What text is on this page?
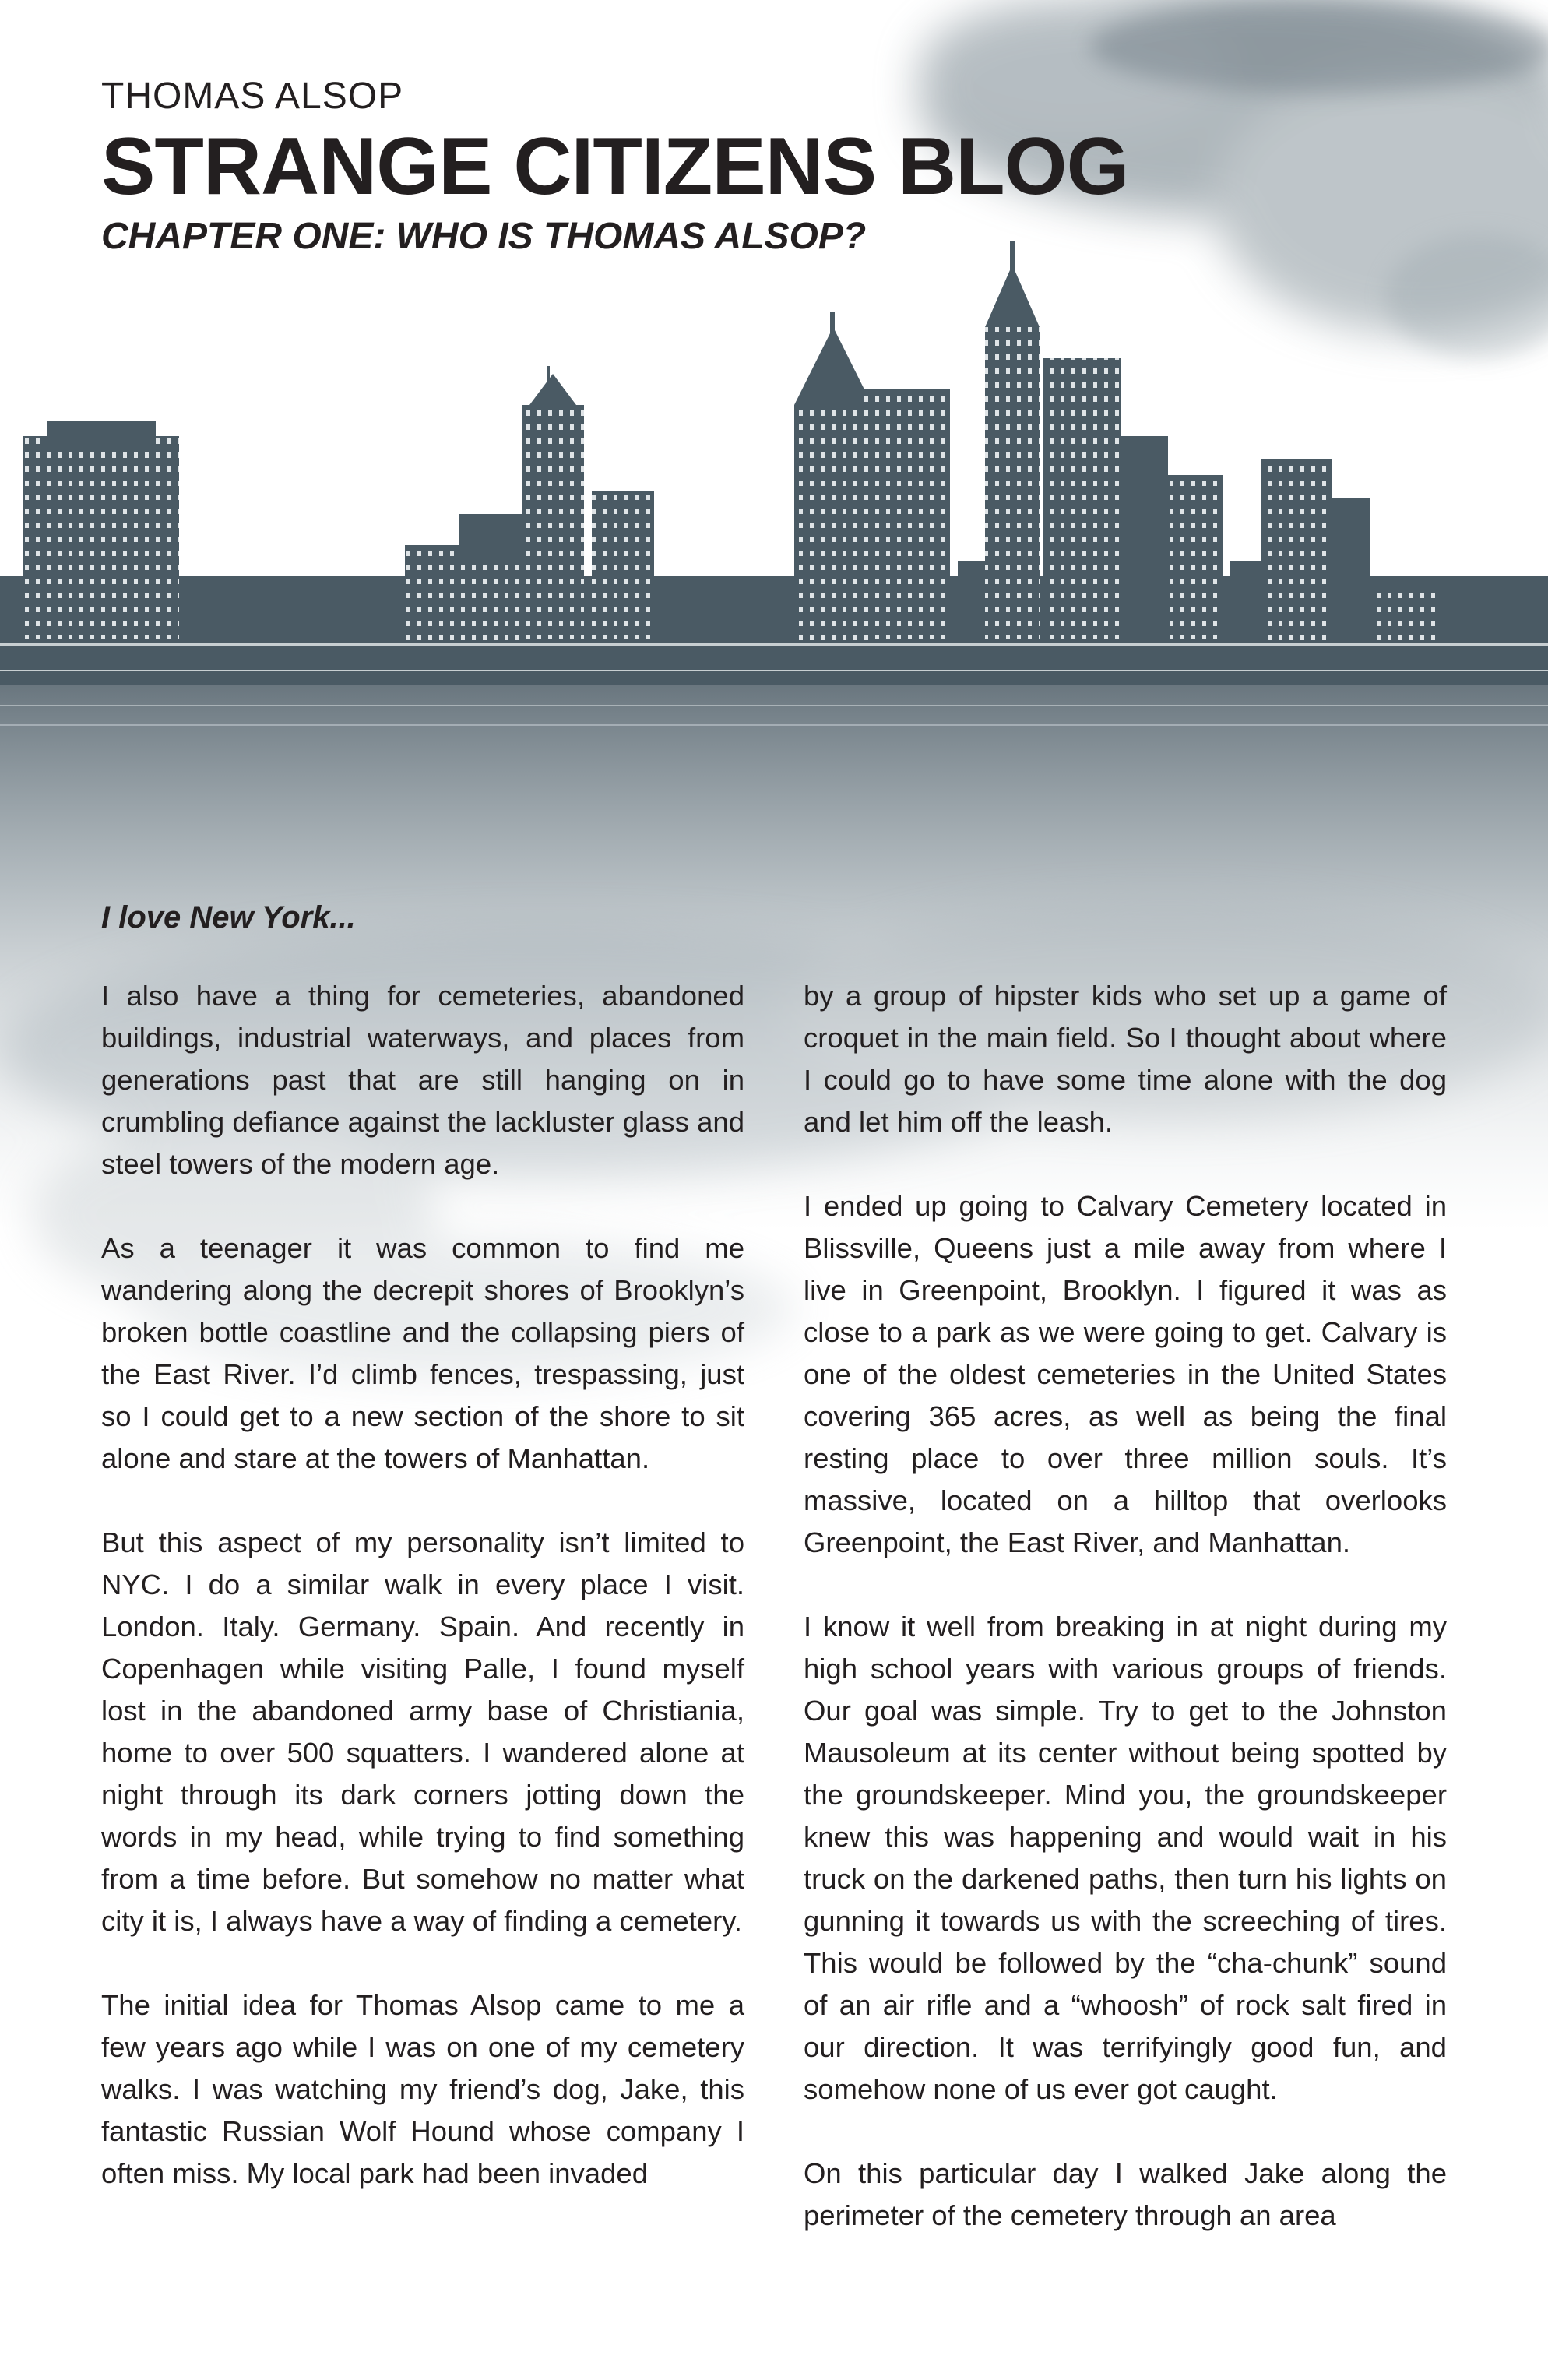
THOMAS ALSOP

STRANGE CITIZENS BLOG
CHAPTER ONE: WHO IS THOMAS ALSOP?
I love New York...

I also have a thing for cemeteries, abandoned buildings, industrial waterways, and places from generations past that are still hanging on in crumbling defiance against the lackluster glass and steel towers of the modern age.

As a teenager it was common to find me wandering along the decrepit shores of Brooklyn’s broken bottle coastline and the collapsing piers of the East River. I’d climb fences, trespassing, just so I could get to a new section of the shore to sit alone and stare at the towers of Manhattan.

But this aspect of my personality isn’t limited to NYC. I do a similar walk in every place I visit. London. Italy. Germany. Spain. And recently in Copenhagen while visiting Palle, I found myself lost in the abandoned army base of Christiania, home to over 500 squatters. I wandered alone at night through its dark corners jotting down the words in my head, while trying to find something from a time before. But somehow no matter what city it is, I always have a way of finding a cemetery.

The initial idea for Thomas Alsop came to me a few years ago while I was on one of my cemetery walks. I was watching my friend’s dog, Jake, this fantastic Russian Wolf Hound whose company I often miss. My local park had been invaded

by a group of hipster kids who set up a game of croquet in the main field. So I thought about where I could go to have some time alone with the dog and let him off the leash.

I ended up going to Calvary Cemetery located in Blissville, Queens just a mile away from where I live in Greenpoint, Brooklyn. I figured it was as close to a park as we were going to get. Calvary is one of the oldest cemeteries in the United States covering 365 acres, as well as being the final resting place to over three million souls. It’s massive, located on a hilltop that overlooks Greenpoint, the East River, and Manhattan.

I know it well from breaking in at night during my high school years with various groups of friends. Our goal was simple. Try to get to the Johnston Mausoleum at its center without being spotted by the groundskeeper. Mind you, the groundskeeper knew this was happening and would wait in his truck on the darkened paths, then turn his lights on gunning it towards us with the screeching of tires. This would be followed by the “cha-chunk” sound of an air rifle and a “whoosh” of rock salt fired in our direction. It was terrifyingly good fun, and somehow none of us ever got caught.

On this particular day I walked Jake along the perimeter of the cemetery through an area
